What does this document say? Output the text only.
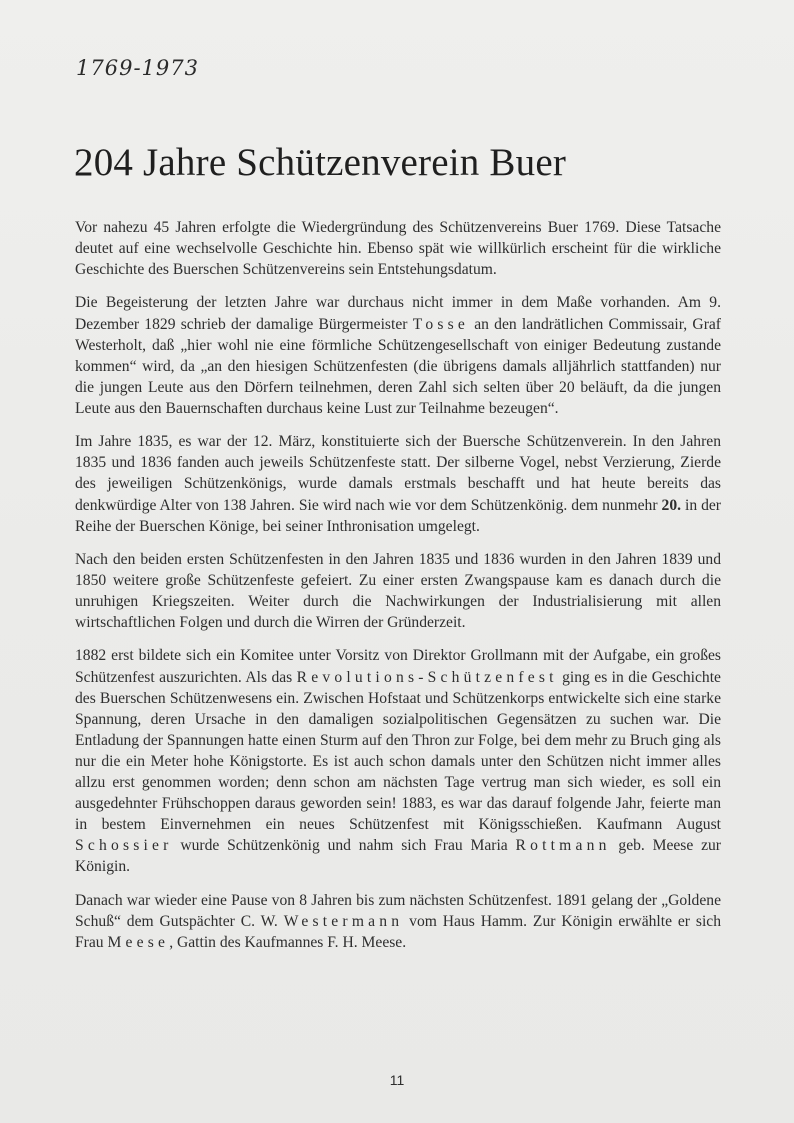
1769-1973
204 Jahre Schützenverein Buer

Vor nahezu 45 Jahren erfolgte die Wiedergründung des Schützenvereins Buer 1769. Diese Tatsache deutet auf eine wechselvolle Geschichte hin. Ebenso spät wie willkürlich erscheint für die wirkliche Geschichte des Buerschen Schützenvereins sein Entstehungsdatum.

Die Begeisterung der letzten Jahre war durchaus nicht immer in dem Maße vorhanden. Am 9. Dezember 1829 schrieb der damalige Bürgermeister Tosse an den landrätlichen Commissair, Graf Westerholt, daß „hier wohl nie eine förmliche Schützengesellschaft von einiger Bedeutung zustande kommen“ wird, da „an den hiesigen Schützenfesten (die übrigens damals alljährlich stattfanden) nur die jungen Leute aus den Dörfern teilnehmen, deren Zahl sich selten über 20 beläuft, da die jungen Leute aus den Bauernschaften durchaus keine Lust zur Teilnahme bezeugen“.

Im Jahre 1835, es war der 12. März, konstituierte sich der Buersche Schützenverein. In den Jahren 1835 und 1836 fanden auch jeweils Schützenfeste statt. Der silberne Vogel, nebst Verzierung, Zierde des jeweiligen Schützenkönigs, wurde damals erstmals beschafft und hat heute bereits das denkwürdige Alter von 138 Jahren. Sie wird nach wie vor dem Schützenkönig. dem nunmehr 20. in der Reihe der Buerschen Könige, bei seiner Inthronisation umgelegt.

Nach den beiden ersten Schützenfesten in den Jahren 1835 und 1836 wurden in den Jahren 1839 und 1850 weitere große Schützenfeste gefeiert. Zu einer ersten Zwangspause kam es danach durch die unruhigen Kriegszeiten. Weiter durch die Nachwirkungen der Industrialisierung mit allen wirtschaftlichen Folgen und durch die Wirren der Gründerzeit.

1882 erst bildete sich ein Komitee unter Vorsitz von Direktor Grollmann mit der Aufgabe, ein großes Schützenfest auszurichten. Als das Revolutions-Schützenfest ging es in die Geschichte des Buerschen Schützenwesens ein. Zwischen Hofstaat und Schützenkorps entwickelte sich eine starke Spannung, deren Ursache in den damaligen sozialpolitischen Gegensätzen zu suchen war. Die Entladung der Spannungen hatte einen Sturm auf den Thron zur Folge, bei dem mehr zu Bruch ging als nur die ein Meter hohe Königstorte. Es ist auch schon damals unter den Schützen nicht immer alles allzu erst genommen worden; denn schon am nächsten Tage vertrug man sich wieder, es soll ein ausgedehnter Frühschoppen daraus geworden sein! 1883, es war das darauf folgende Jahr, feierte man in bestem Einvernehmen ein neues Schützenfest mit Königsschießen. Kaufmann August Schossier wurde Schützenkönig und nahm sich Frau Maria Rottmann geb. Meese zur Königin.

Danach war wieder eine Pause von 8 Jahren bis zum nächsten Schützenfest. 1891 gelang der „Goldene Schuß“ dem Gutspächter C. W. Westermann vom Haus Hamm. Zur Königin erwählte er sich Frau Meese, Gattin des Kaufmannes F. H. Meese.

11
